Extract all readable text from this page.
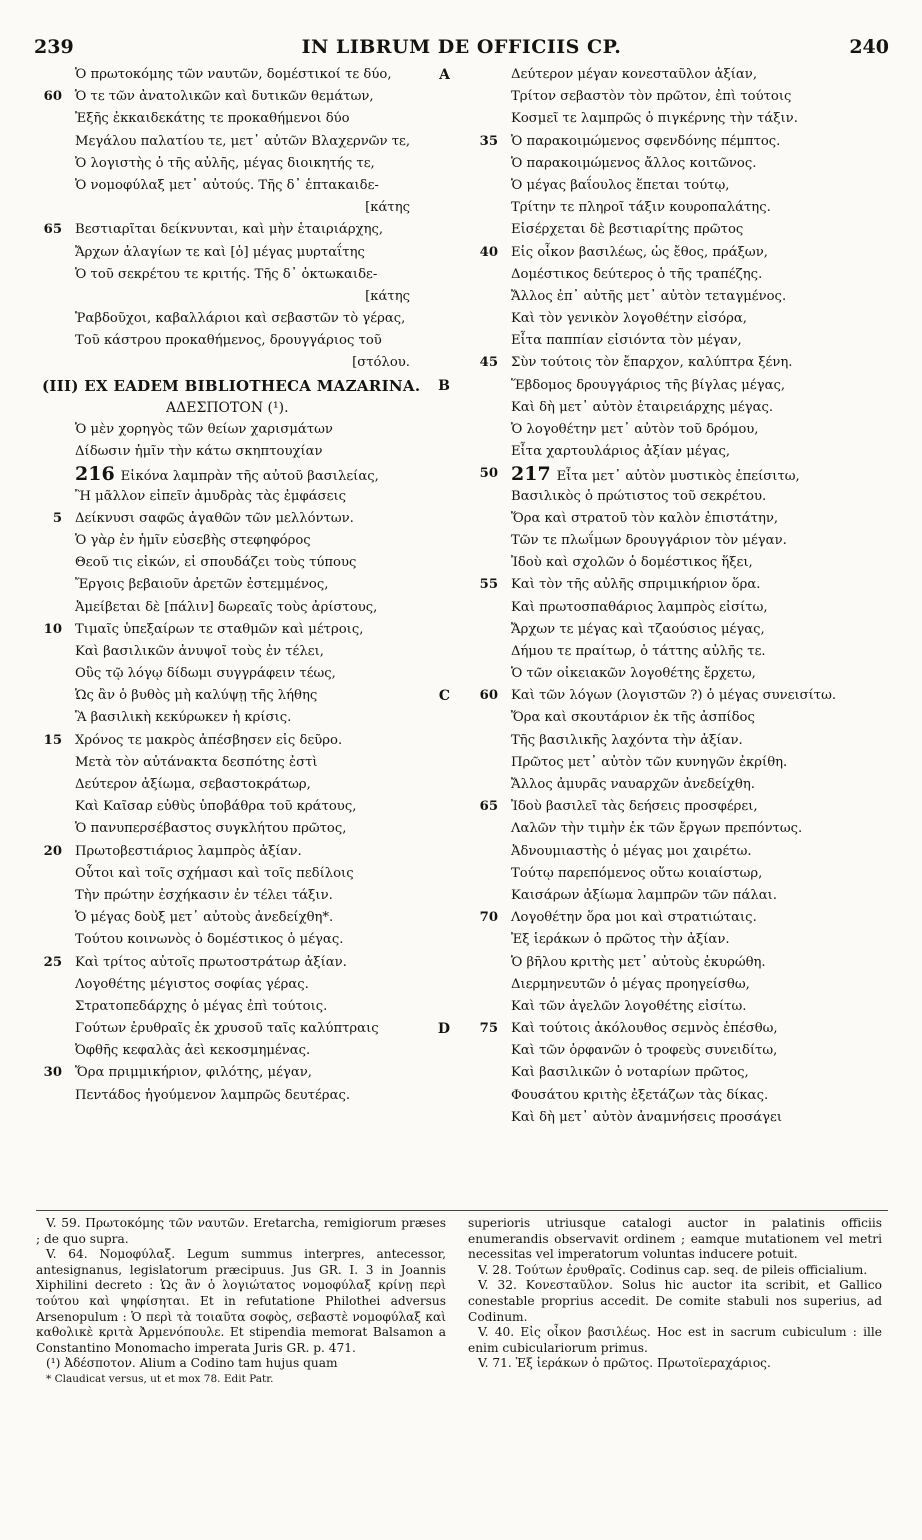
239	IN LIBRUM DE OFFICIIS CP.	240
Ὁ πρωτοκόμης τῶν ναυτῶν, δομέστικοί τε δύο,	A
60 Ὁ τε τῶν ἀνατολικῶν καὶ δυτικῶν θεμάτων,
Ἐξῆς ἐκκαιδεκάτης τε προκαθήμενοι δύο
Μεγάλου παλατίου τε, μετ᾽ αὐτῶν Βλαχερνῶν τε,
Ὁ λογιστὴς ὁ τῆς αὐλῆς, μέγας διοικητής τε,
Ὁ νομοφύλαξ μετ᾽ αὐτούς. Τῆς δ᾽ ἑπτακαιδε-
[κάτης
65 Βεστιαρῖται δείκνυνται, καὶ μὴν ἑταιριάρχης,
Ἄρχων ἀλαγίων τε καὶ [ὁ] μέγας μυρταΐτης
Ὁ τοῦ σεκρέτου τε κριτής. Τῆς δ᾽ ὀκτωκαιδε-
[κάτης
Ῥαβδοῦχοι, καβαλλάριοι καὶ σεβαστῶν τὸ γέρας,
Τοῦ κάστρου προκαθήμενος, δρουγγάριος τοῦ
[στόλου.
(III) EX EADEM BIBLIOTHECA MAZARINA. B
ΑΔΕΣΠΟΤΟΝ (¹).
Ὁ μὲν χορηγὸς τῶν θείων χαρισμάτων
Δίδωσιν ἡμῖν τὴν κάτω σκηπτουχίαν
216 Εἰκόνα λαμπρὰν τῆς αὐτοῦ βασιλείας,
Ἢ μᾶλλον εἰπεῖν ἀμυδρὰς τὰς ἐμφάσεις
5 Δείκνυσι σαφῶς ἀγαθῶν τῶν μελλόντων.
Ὁ γὰρ ἐν ἡμῖν εὐσεβὴς στεφηφόρος
Θεοῦ τις εἰκών, εἰ σπουδάζει τοὺς τύπους
Ἔργοις βεβαιοῦν ἀρετῶν ἐστεμμένος,
Ἀμείβεται δὲ [πάλιν] δωρεαῖς τοὺς ἀρίστους,
10 Τιμαῖς ὑπεξαίρων τε σταθμῶν καὶ μέτροις,
Καὶ βασιλικῶν ἀνυψοῖ τοὺς ἐν τέλει,
Οὓς τῷ λόγῳ δίδωμι συγγράφειν τέως,
Ὡς ἂν ὁ βυθὸς μὴ καλύψῃ τῆς λήθης	C
Ἃ βασιλικὴ κεκύρωκεν ἡ κρίσις.
15 Χρόνος τε μακρὸς ἀπέσβησεν εἰς δεῦρο.
Μετὰ τὸν αὐτάνακτα δεσπότης ἐστὶ
Δεύτερον ἀξίωμα, σεβαστοκράτωρ,
Καὶ Καῖσαρ εὐθὺς ὑποβάθρα τοῦ κράτους,
Ὁ πανυπερσέβαστος συγκλήτου πρῶτος,
20 Πρωτοβεστιάριος λαμπρὸς ἀξίαν.
Οὗτοι καὶ τοῖς σχήμασι καὶ τοῖς πεδίλοις
Τὴν πρώτην ἐσχήκασιν ἐν τέλει τάξιν.
Ὁ μέγας δοὺξ μετ᾽ αὐτοὺς ἀνεδείχθη*.
Τούτου κοινωνὸς ὁ δομέστικος ὁ μέγας.
25 Καὶ τρίτος αὐτοῖς πρωτοστράτωρ ἀξίαν.
Λογοθέτης μέγιστος σοφίας γέρας.
Στρατοπεδάρχης ὁ μέγας ἐπὶ τούτοις.
Γούτων ἐρυθραῖς ἐκ χρυσοῦ ταῖς καλύπτραις	D
Ὀφθῆς κεφαλὰς ἀεὶ κεκοσμημένας.
30 Ὅρα πριμμικήριον, φιλότης, μέγαν,
Πεντάδος ἡγούμενον λαμπρῶς δευτέρας.
Δεύτερον μέγαν κονεσταῦλον ἀξίαν,
Τρίτον σεβαστὸν τὸν πρῶτον, ἐπὶ τούτοις
Κοσμεῖ τε λαμπρῶς ὁ πιγκέρνης τὴν τάξιν.
35 Ὁ παρακοιμώμενος σφενδόνης πέμπτος.
Ὁ παρακοιμώμενος ἄλλος κοιτῶνος.
Ὁ μέγας βαΐουλος ἕπεται τούτῳ,
Τρίτην τε πληροῖ τάξιν κουροπαλάτης.
Εἰσέρχεται δὲ βεστιαρίτης πρῶτος
40 Εἰς οἶκον βασιλέως, ὡς ἔθος, πράξων,
Δομέστικος δεύτερος ὁ τῆς τραπέζης.
Ἄλλος ἐπ᾽ αὐτῆς μετ᾽ αὐτὸν τεταγμένος.
Καὶ τὸν γενικὸν λογοθέτην εἰσόρα,
Εἶτα παππίαν εἰσιόντα τὸν μέγαν,
45 Σὺν τούτοις τὸν ἔπαρχον, καλύπτρα ξένη.
Ἕβδομος δρουγγάριος τῆς βίγλας μέγας,
Καὶ δὴ μετ᾽ αὐτὸν ἑταιρειάρχης μέγας.
Ὁ λογοθέτην μετ᾽ αὐτὸν τοῦ δρόμου,
Εἶτα χαρτουλάριος ἀξίαν μέγας,
50 217 Εἶτα μετ᾽ αὐτὸν μυστικὸς ἐπείσιτω,
Βασιλικὸς ὁ πρώτιστος τοῦ σεκρέτου.
Ὅρα καὶ στρατοῦ τὸν καλὸν ἐπιστάτην,
Τῶν τε πλωΐμων δρουγγάριον τὸν μέγαν.
Ἰδοὺ καὶ σχολῶν ὁ δομέστικος ἥξει,
55 Καὶ τὸν τῆς αὐλῆς σπριμικήριον ὅρα.
Καὶ πρωτοσπαθάριος λαμπρὸς εἰσίτω,
Ἄρχων τε μέγας καὶ τζαούσιος μέγας,
Δήμου τε πραίτωρ, ὁ τάττης αὐλῆς τε.
Ὁ τῶν οἰκειακῶν λογοθέτης ἔρχετω,
60 Καὶ τῶν λόγων (λογιστῶν ?) ὁ μέγας συνεισίτω.
Ὅρα καὶ σκουτάριον ἐκ τῆς ἀσπίδος
Τῆς βασιλικῆς λαχόντα τὴν ἀξίαν.
Πρῶτος μετ᾽ αὐτὸν τῶν κυνηγῶν ἐκρίθη.
Ἄλλος ἀμυρᾶς ναυαρχῶν ἀνεδείχθη.
65 Ἰδοὺ βασιλεῖ τὰς δεήσεις προσφέρει,
Λαλῶν τὴν τιμὴν ἐκ τῶν ἔργων πρεπόντως.
Ἀδνουμιαστὴς ὁ μέγας μοι χαιρέτω.
Τούτῳ παρεπόμενος οὕτω κοιαίστωρ,
Καισάρων ἀξίωμα λαμπρῶν τῶν πάλαι.
70 Λογοθέτην ὅρα μοι καὶ στρατιώταις.
Ἐξ ἱεράκων ὁ πρῶτος τὴν ἀξίαν.
Ὁ βῆλου κριτὴς μετ᾽ αὐτοὺς ἐκυρώθη.
Διερμηνευτῶν ὁ μέγας προηγείσθω,
Καὶ τῶν ἀγελῶν λογοθέτης εἰσίτω.
75 Καὶ τούτοις ἀκόλουθος σεμνὸς ἑπέσθω,
Καὶ τῶν ὀρφανῶν ὁ τροφεὺς συνειδίτω,
Καὶ βασιλικῶν ὁ νοταρίων πρῶτος,
Φουσάτου κριτὴς ἐξετάζων τὰς δίκας.
Καὶ δὴ μετ᾽ αὐτὸν ἀναμνήσεις προσάγει

V. 59. Πρωτοκόμης τῶν ναυτῶν. Eretarcha, remigiorum præses ; de quo supra.

V. 64. Νομοφύλαξ. Legum summus interpres, antecessor, antesignanus, legislatorum præcipuus. Jus GR. I. 3 in Joannis Xiphilini decreto : Ὡς ἂν ὁ λογιώτατος νομοφύλαξ κρίνῃ περὶ τούτου καὶ ψηφίσηται. Et in refutatione Philothei adversus Arsenopulum : Ὁ περὶ τὰ τοιαῦτα σοφὸς, σεβαστὲ νομοφύλαξ καὶ καθολικὲ κριτὰ Ἀρμενόπουλε. Et stipendia memorat Balsamon a Constantino Monomacho imperata Juris GR. p. 471.

(¹) Ἀδέσποτον. Alium a Codino tam hujus quam

* Claudicat versus, ut et mox 78. Edit Patr.

superioris utriusque catalogi auctor in palatinis officiis enumerandis observavit ordinem ; eamque mutationem vel metri necessitas vel imperatorum voluntas inducere potuit.

V. 28. Τούτων ἐρυθραῖς. Codinus cap. seq. de pileis officialium.

V. 32. Κονεσταῦλον. Solus hic auctor ita scribit, et Gallico conestable proprius accedit. De comite stabuli nos superius, ad Codinum.

V. 40. Εἰς οἶκον βασιλέως. Hoc est in sacrum cubiculum : ille enim cubiculariorum primus.

V. 71. Ἐξ ἱεράκων ὁ πρῶτος. Πρωτοϊεραχάριος.
